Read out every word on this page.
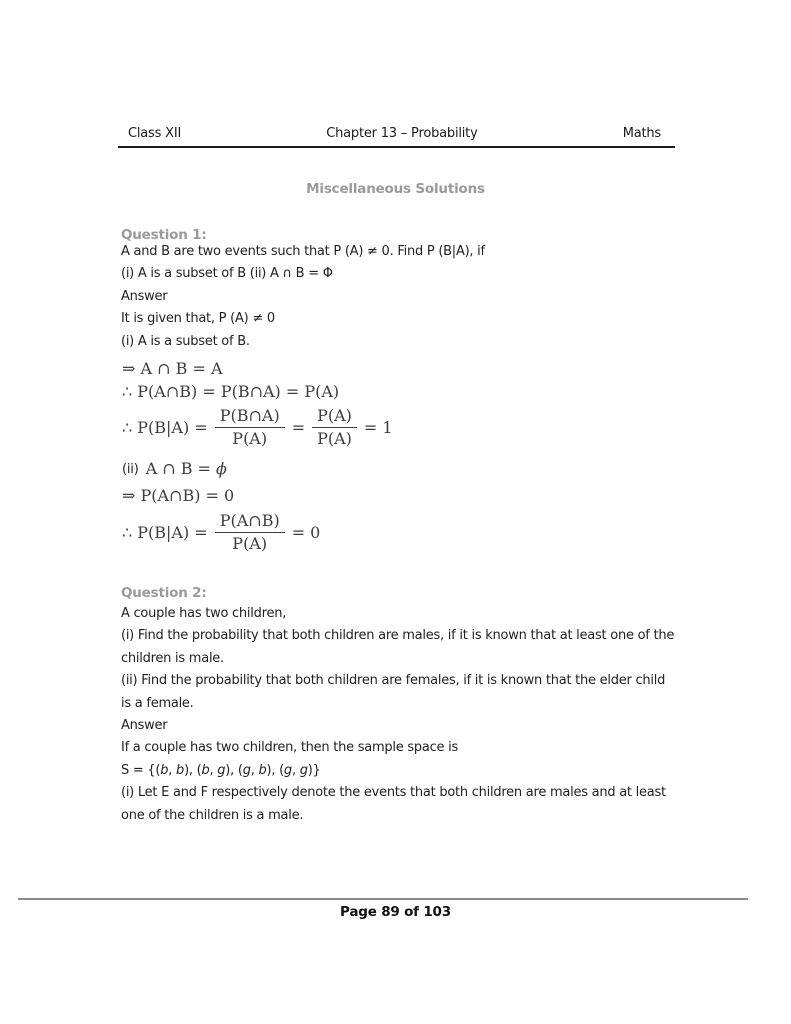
Class XII	Chapter 13 – Probability	Maths
Miscellaneous Solutions
Question 1:
A and B are two events such that P (A) ≠ 0. Find P (B|A), if
(i) A is a subset of B (ii) A ∩ B = Φ
Answer
It is given that, P (A) ≠ 0
(i) A is a subset of B.
⇒ A ∩ B = A
∴ P(A∩B) = P(B∩A) = P(A)
∴ $P(B|A) = \frac{P(B\cap A)}{P(A)} = \frac{P(A)}{P(A)} = 1$
(ii) A ∩ B = ϕ
⇒ P(A∩B) = 0
∴ $P(B|A) = \frac{P(A\cap B)}{P(A)} = 0$
Question 2:
A couple has two children,
(i) Find the probability that both children are males, if it is known that at least one of the
children is male.
(ii) Find the probability that both children are females, if it is known that the elder child
is a female.
Answer
If a couple has two children, then the sample space is
S = {(b, b), (b, g), (g, b), (g, g)}
(i) Let E and F respectively denote the events that both children are males and at least
one of the children is a male.
Page 89 of 103
